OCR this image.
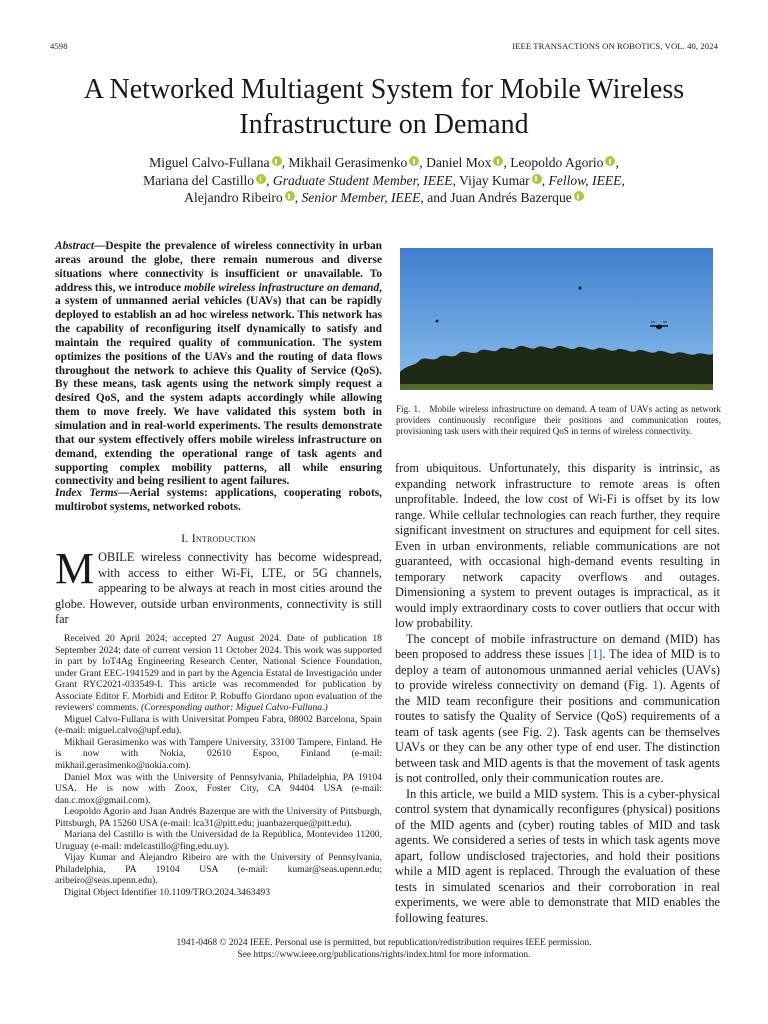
4598	IEEE TRANSACTIONS ON ROBOTICS, VOL. 40, 2024
A Networked Multiagent System for Mobile Wireless Infrastructure on Demand
Miguel Calvo-Fullana , Mikhail Gerasimenko , Daniel Mox , Leopoldo Agorio ,
Mariana del Castillo , Graduate Student Member, IEEE, Vijay Kumar , Fellow, IEEE,
Alejandro Ribeiro , Senior Member, IEEE, and Juan Andrés Bazerque
Abstract—Despite the prevalence of wireless connectivity in urban areas around the globe, there remain numerous and diverse situations where connectivity is insufficient or unavailable. To address this, we introduce mobile wireless infrastructure on demand, a system of unmanned aerial vehicles (UAVs) that can be rapidly deployed to establish an ad hoc wireless network. This network has the capability of reconfiguring itself dynamically to satisfy and maintain the required quality of communication. The system optimizes the positions of the UAVs and the routing of data flows throughout the network to achieve this Quality of Service (QoS). By these means, task agents using the network simply request a desired QoS, and the system adapts accordingly while allowing them to move freely. We have validated this system both in simulation and in real-world experiments. The results demonstrate that our system effectively offers mobile wireless infrastructure on demand, extending the operational range of task agents and supporting complex mobility patterns, all while ensuring connectivity and being resilient to agent failures.
Index Terms—Aerial systems: applications, cooperating robots, multirobot systems, networked robots.
I. Introduction

MOBILE wireless connectivity has become widespread, with access to either Wi-Fi, LTE, or 5G channels, appearing to be always at reach in most cities around the globe. However, outside urban environments, connectivity is still far

Received 20 April 2024; accepted 27 August 2024. Date of publication 18 September 2024; date of current version 11 October 2024. This work was supported in part by IoT4Ag Engineering Research Center, National Science Foundation, under Grant EEC-1941529 and in part by the Agencia Estatal de Investigación under Grant RYC2021-033549-I. This article was recommended for publication by Associate Editor F. Morbidi and Editor P. Robuffo Giordano upon evaluation of the reviewers' comments. (Corresponding author: Miguel Calvo-Fullana.)

Miguel Calvo-Fullana is with Universitat Pompeu Fabra, 08002 Barcelona, Spain (e-mail: miguel.calvo@upf.edu).

Mikhail Gerasimenko was with Tampere University, 33100 Tampere, Finland. He is now with Nokia, 02610 Espoo, Finland (e-mail: mikhail.gerasimenko@nokia.com).

Daniel Mox was with the University of Pennsylvania, Philadelphia, PA 19104 USA. He is now with Zoox, Foster City, CA 94404 USA (e-mail: dan.c.mox@gmail.com).

Leopoldo Agorio and Juan Andrés Bazerque are with the University of Pittsburgh, Pittsburgh, PA 15260 USA (e-mail: lca31@pitt.edu; juanbazerque@pitt.edu).

Mariana del Castillo is with the Universidad de la República, Montevideo 11200, Uruguay (e-mail: mdelcastillo@fing.edu.uy).

Vijay Kumar and Alejandro Ribeiro are with the University of Pennsylvania, Philadelphia, PA 19104 USA (e-mail: kumar@seas.upenn.edu; aribeiro@seas.upenn.edu).

Digital Object Identifier 10.1109/TRO.2024.3463493

Fig. 1. Mobile wireless infrastructure on demand. A team of UAVs acting as network providers continuously reconfigure their positions and communication routes, provisioning task users with their required QoS in terms of wireless connectivity.

from ubiquitous. Unfortunately, this disparity is intrinsic, as expanding network infrastructure to remote areas is often unprofitable. Indeed, the low cost of Wi-Fi is offset by its low range. While cellular technologies can reach further, they require significant investment on structures and equipment for cell sites. Even in urban environments, reliable communications are not guaranteed, with occasional high-demand events resulting in temporary network capacity overflows and outages. Dimensioning a system to prevent outages is impractical, as it would imply extraordinary costs to cover outliers that occur with low probability.

The concept of mobile infrastructure on demand (MID) has been proposed to address these issues [1]. The idea of MID is to deploy a team of autonomous unmanned aerial vehicles (UAVs) to provide wireless connectivity on demand (Fig. 1). Agents of the MID team reconfigure their positions and communication routes to satisfy the Quality of Service (QoS) requirements of a team of task agents (see Fig. 2). Task agents can be themselves UAVs or they can be any other type of end user. The distinction between task and MID agents is that the movement of task agents is not controlled, only their communication routes are.

In this article, we build a MID system. This is a cyber-physical control system that dynamically reconfigures (physical) positions of the MID agents and (cyber) routing tables of MID and task agents. We considered a series of tests in which task agents move apart, follow undisclosed trajectories, and hold their positions while a MID agent is replaced. Through the evaluation of these tests in simulated scenarios and their corroboration in real experiments, we were able to demonstrate that MID enables the following features.

1941-0468 © 2024 IEEE. Personal use is permitted, but republication/redistribution requires IEEE permission.
See https://www.ieee.org/publications/rights/index.html for more information.
